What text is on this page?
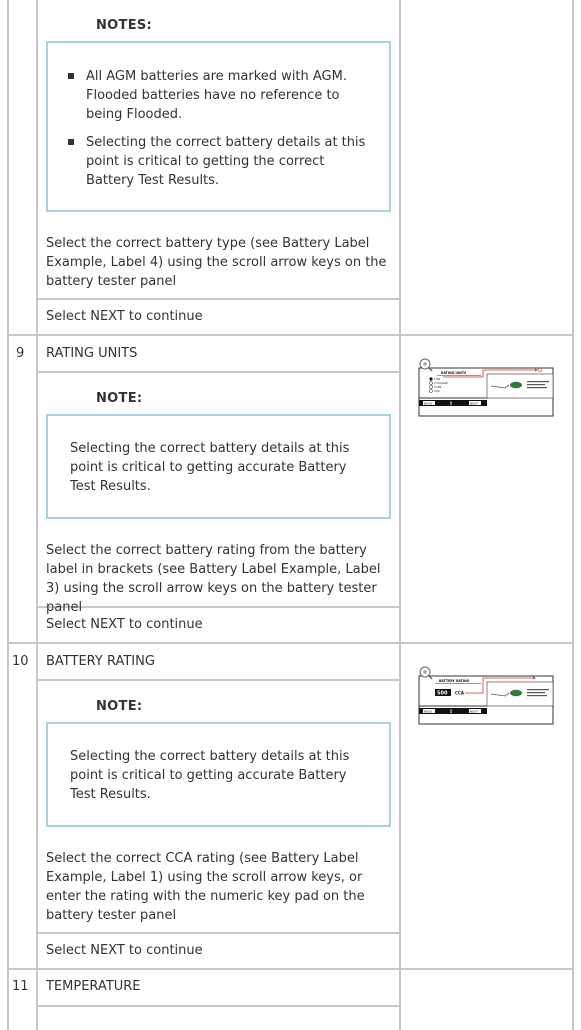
NOTES:
All AGM batteries are marked with AGM. Flooded batteries have no reference to being Flooded.
Selecting the correct battery details at this point is critical to getting the correct Battery Test Results.
Select the correct battery type (see Battery Label Example, Label 4) using the scroll arrow keys on the battery tester panel
Select NEXT to continue
9 RATING UNITS
NOTE:

Selecting the correct battery details at this point is critical to getting accurate Battery Test Results.

Select the correct battery rating from the battery label in brackets (see Battery Label Example, Label 3) using the scroll arrow keys on the battery tester panel
Select NEXT to continue
BACK	⇕	NEXT
RATING UNITS
1 EN
2 CCA/SAE
3 DIN
4 JIS
10 BATTERY RATING
NOTE:

Selecting the correct battery details at this point is critical to getting accurate Battery Test Results.

Select the correct CCA rating (see Battery Label Example, Label 1) using the scroll arrow keys, or enter the rating with the numeric key pad on the battery tester panel
Select NEXT to continue
BACK	⇕	NEXT
BATTERY RATING
500 CCA
11 TEMPERATURE
